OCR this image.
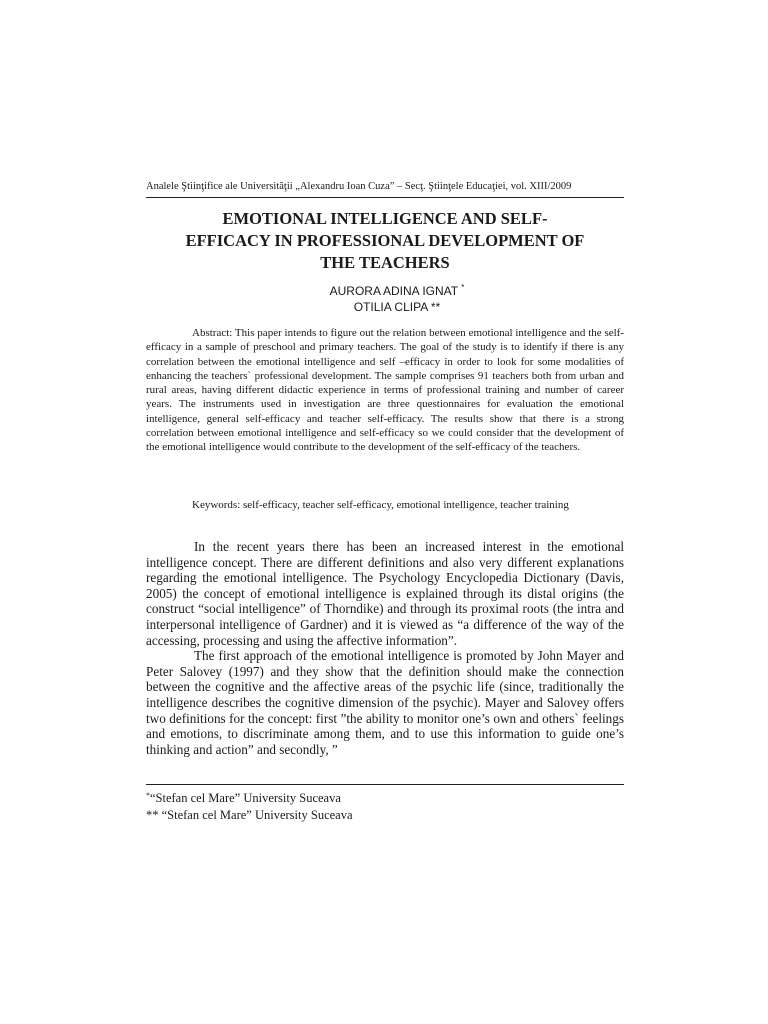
Analele Ştiinţifice ale Universităţii „Alexandru Ioan Cuza” – Secţ. Ştiinţele Educaţiei, vol. XIII/2009
EMOTIONAL INTELLIGENCE AND SELF-
EFFICACY IN PROFESSIONAL DEVELOPMENT OF
THE TEACHERS
AURORA ADINA IGNAT *
OTILIA CLIPA **
Abstract: This paper intends to figure out the relation between emotional intelligence and the self-efficacy in a sample of preschool and primary teachers. The goal of the study is to identify if there is any correlation between the emotional intelligence and self –efficacy in order to look for some modalities of enhancing the teachers` professional development. The sample comprises 91 teachers both from urban and rural areas, having different didactic experience in terms of professional training and number of career years. The instruments used in investigation are three questionnaires for evaluation the emotional intelligence, general self-efficacy and teacher self-efficacy. The results show that there is a strong correlation between emotional intelligence and self-efficacy so we could consider that the development of the emotional intelligence would contribute to the development of the self-efficacy of the teachers.
Keywords: self-efficacy, teacher self-efficacy, emotional intelligence, teacher training

In the recent years there has been an increased interest in the emotional intelligence concept. There are different definitions and also very different explanations regarding the emotional intelligence. The Psychology Encyclopedia Dictionary (Davis, 2005) the concept of emotional intelligence is explained through its distal origins (the construct “social intelligence” of Thorndike) and through its proximal roots (the intra and interpersonal intelligence of Gardner) and it is viewed as “a difference of the way of the accessing, processing and using the affective information”.

The first approach of the emotional intelligence is promoted by John Mayer and Peter Salovey (1997) and they show that the definition should make the connection between the cognitive and the affective areas of the psychic life (since, traditionally the intelligence describes the cognitive dimension of the psychic). Mayer and Salovey offers two definitions for the concept: first ”the ability to monitor one’s own and others` feelings and emotions, to discriminate among them, and to use this information to guide one’s thinking and action” and secondly, ”

*“Stefan cel Mare” University Suceava
** “Stefan cel Mare” University Suceava
